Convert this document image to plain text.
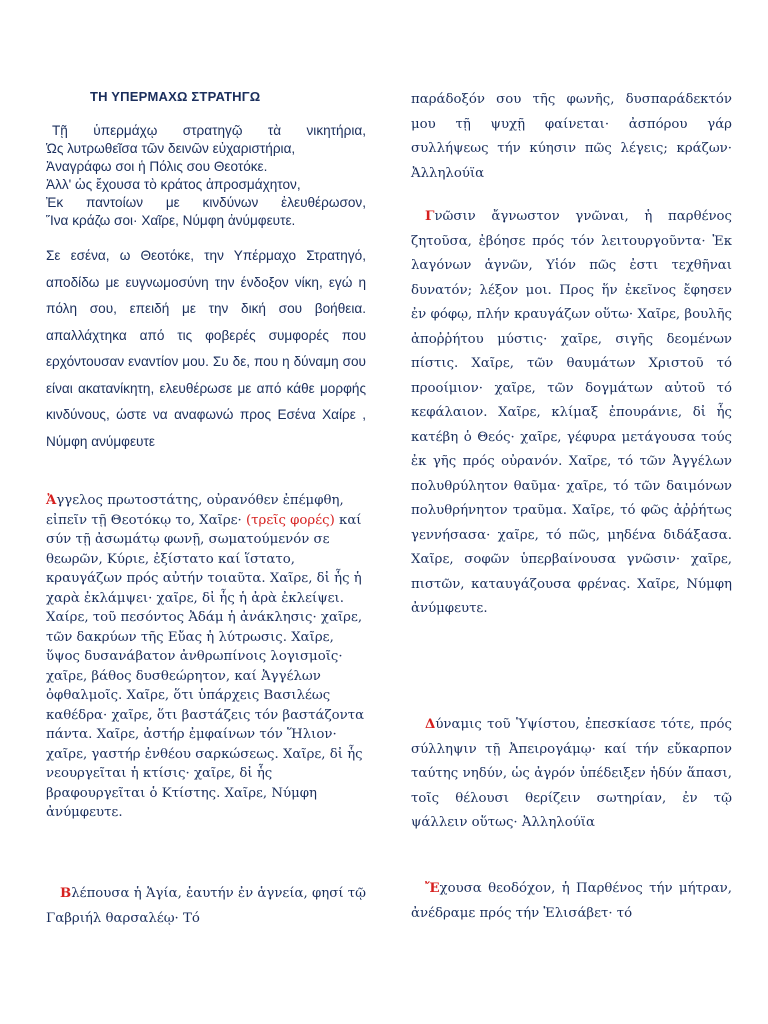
ΤΗ ΥΠΕΡΜΑΧΩ ΣΤΡΑΤΗΓΩ
Τῇ ὑπερμάχῳ στρατηγῷ τὰ νικητήρια,
Ὡς λυτρωθεῖσα τῶν δεινῶν εὐχαριστήρια,
Ἀναγράφω σοι ἡ Πόλις σου Θεοτόκε.
Ἀλλ' ὡς ἔχουσα τὸ κράτος ἀπροσμάχητον,
Ἐκ παντοίων με κινδύνων ἐλευθέρωσον,
Ἵνα κράζω σοι· Χαῖρε, Νύμφη ἀνύμφευτε.

Σε εσένα, ω Θεοτόκε, την Υπέρμαχο Στρατηγό, αποδίδω με ευγνωμοσύνη την ένδοξον νίκη, εγώ η πόλη σου, επειδή με την δική σου βοήθεια. απαλλάχτηκα από τις φοβερές συμφορές που ερχόντουσαν εναντίον μου. Συ δε, που η δύναμη σου είναι ακατανίκητη, ελευθέρωσε με από κάθε μορφής κινδύνους, ώστε να αναφωνώ προς Εσένα Χαίρε , Νύμφη ανύμφευτε

Ἀγγελος πρωτοστάτης, οὐρανόθεν ἐπέμφθη, εἰπεῖν τῇ Θεοτόκῳ το, Χαῖρε· (τρεῖς φορές) καί σύν τῇ ἀσωμάτῳ φωνῇ, σωματούμενόν σε θεωρῶν, Κύριε, ἐξίστατο καί ἵστατο, κραυγάζων πρός αὐτήν τοιαῦτα. Χαῖρε, δἰ ἧς ἡ χαρὰ ἐκλάμψει· χαῖρε, δἰ ἧς ἡ ἀρὰ ἐκλείψει. Χαίρε, τοῦ πεσόντος Ἀδάμ ἡ ἀνάκλησις· χαῖρε, τῶν δακρύων τῆς Εὔας ἡ λύτρωσις. Χαῖρε, ὕψος δυσανάβατον ἀνθρωπίνοις λογισμοῖς· χαῖρε, βάθος δυσθεώρητον, καί Ἀγγέλων ὀφθαλμοῖς. Χαῖρε, ὅτι ὑπάρχεις Βασιλέως καθέδρα· χαῖρε, ὅτι βαστάζεις τόν βαστάζοντα πάντα. Χαῖρε, ἀστήρ ἐμφαίνων τόν Ἥλιον· χαῖρε, γαστήρ ἐνθέου σαρκώσεως. Χαῖρε, δἰ ἧς νεουργεῖται ἡ κτίσις· χαῖρε, δἰ ἧς βραφουργεῖται ὁ Κτίστης. Χαῖρε, Νύμφη ἀνύμφευτε.

Βλέπουσα ἡ Ἁγία, ἑαυτήν ἐν ἁγνεία, φησί τῷ Γαβριήλ θαρσαλέῳ· Τό

παράδοξόν σου τῆς φωνῆς, δυσπαράδεκτόν μου τῇ ψυχῇ φαίνεται· ἀσπόρου γάρ συλλήψεως τήν κύησιν πῶς λέγεις; κράζων· Ἀλληλούϊα

Γνῶσιν ἄγνωστον γνῶναι, ἡ παρθένος ζητοῦσα, ἐβόησε πρός τόν λειτουργοῦντα· Ἐκ λαγόνων ἁγνῶν, Υἱόν πῶς ἐστι τεχθῆναι δυνατόν; λέξον μοι. Προς ἥν ἐκεῖνος ἔφησεν ἐν φόφῳ, πλήν κραυγάζων οὕτω· Χαῖρε, βουλῆς ἀποῤῥήτου μύστις· χαῖρε, σιγῆς δεομένων πίστις. Χαῖρε, τῶν θαυμάτων Χριστοῦ τό προοίμιον· χαῖρε, τῶν δογμάτων αὐτοῦ τό κεφάλαιον. Χαῖρε, κλίμαξ ἐπουράνιε, δἰ ἧς κατέβη ὁ Θεός· χαῖρε, γέφυρα μετάγουσα τούς ἐκ γῆς πρός οὐρανόν. Χαῖρε, τό τῶν Ἀγγέλων πολυθρύλητον θαῦμα· χαῖρε, τό τῶν δαιμόνων πολυθρήνητον τραῦμα. Χαῖρε, τό φῶς ἀῤῥήτως γεννήσασα· χαῖρε, τό πῶς, μηδένα διδάξασα. Χαῖρε, σοφῶν ὑπερβαίνουσα γνῶσιν· χαῖρε, πιστῶν, καταυγάζουσα φρένας. Χαῖρε, Νύμφη ἀνύμφευτε.

Δύναμις τοῦ Ὑψίστου, ἐπεσκίασε τότε, πρός σύλληψιν τῇ Ἀπειρογάμῳ· καί τήν εὔκαρπον ταύτης νηδύν, ὡς ἀγρόν ὑπέδειξεν ἡδύν ἅπασι, τοῖς θέλουσι θερίζειν σωτηρίαν, ἐν τῷ ψάλλειν οὕτως· Ἀλληλούϊα

Ἔχουσα θεοδόχον, ἡ Παρθένος τήν μήτραν, ἀνέδραμε πρός τήν Ἐλισάβετ· τό
